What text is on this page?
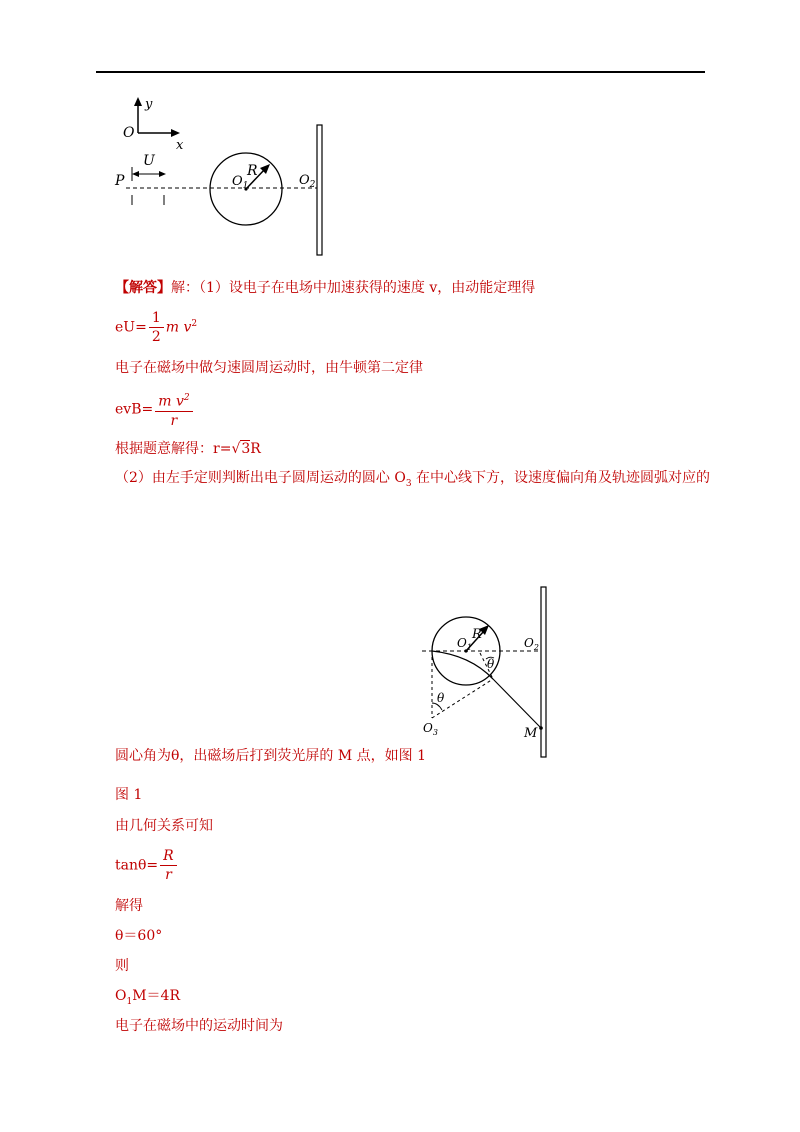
y
O
x
U
P
R
$O_1$	$O_2$
【解答】解：（1）设电子在电场中加速获得的速度 v，由动能定理得
$eU= \frac{1}{2}$ m $v^2$
电子在磁场中做匀速圆周运动时，由牛顿第二定律
$evB= \frac{m v^2}{r}$
根据题意解得：r=√3R
（2）由左手定则判断出电子圆周运动的圆心 $O_3$ 在中心线下方，设速度偏向角及轨迹圆弧对应的
R
$O_1$	$O_2$
θ
θ
$O_3$	M
圆心角为θ，出磁场后打到荧光屏的 M 点，如图 1
图 1
由几何关系可知
$\tan\theta= \frac{R}{r}$
解得
θ＝60°
则
$O_1M=4R$
电子在磁场中的运动时间为
